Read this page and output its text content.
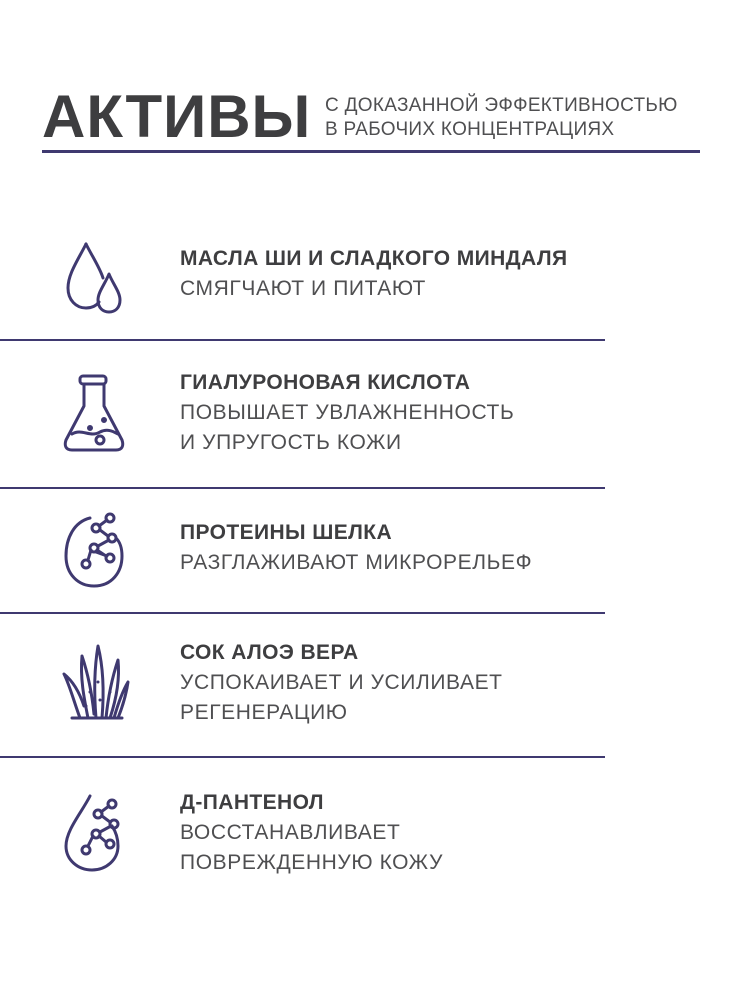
АКТИВЫ С ДОКАЗАННОЙ ЭФФЕКТИВНОСТЬЮ
В РАБОЧИХ КОНЦЕНТРАЦИЯХ
МАСЛА ШИ И СЛАДКОГО МИНДАЛЯ
СМЯГЧАЮТ И ПИТАЮТ
ГИАЛУРОНОВАЯ КИСЛОТА
ПОВЫШАЕТ УВЛАЖНЕННОСТЬ
И УПРУГОСТЬ КОЖИ
ПРОТЕИНЫ ШЕЛКА
РАЗГЛАЖИВАЮТ МИКРОРЕЛЬЕФ
СОК АЛОЭ ВЕРА
УСПОКАИВАЕТ И УСИЛИВАЕТ
РЕГЕНЕРАЦИЮ
Д-ПАНТЕНОЛ
ВОССТАНАВЛИВАЕТ
ПОВРЕЖДЕННУЮ КОЖУ
